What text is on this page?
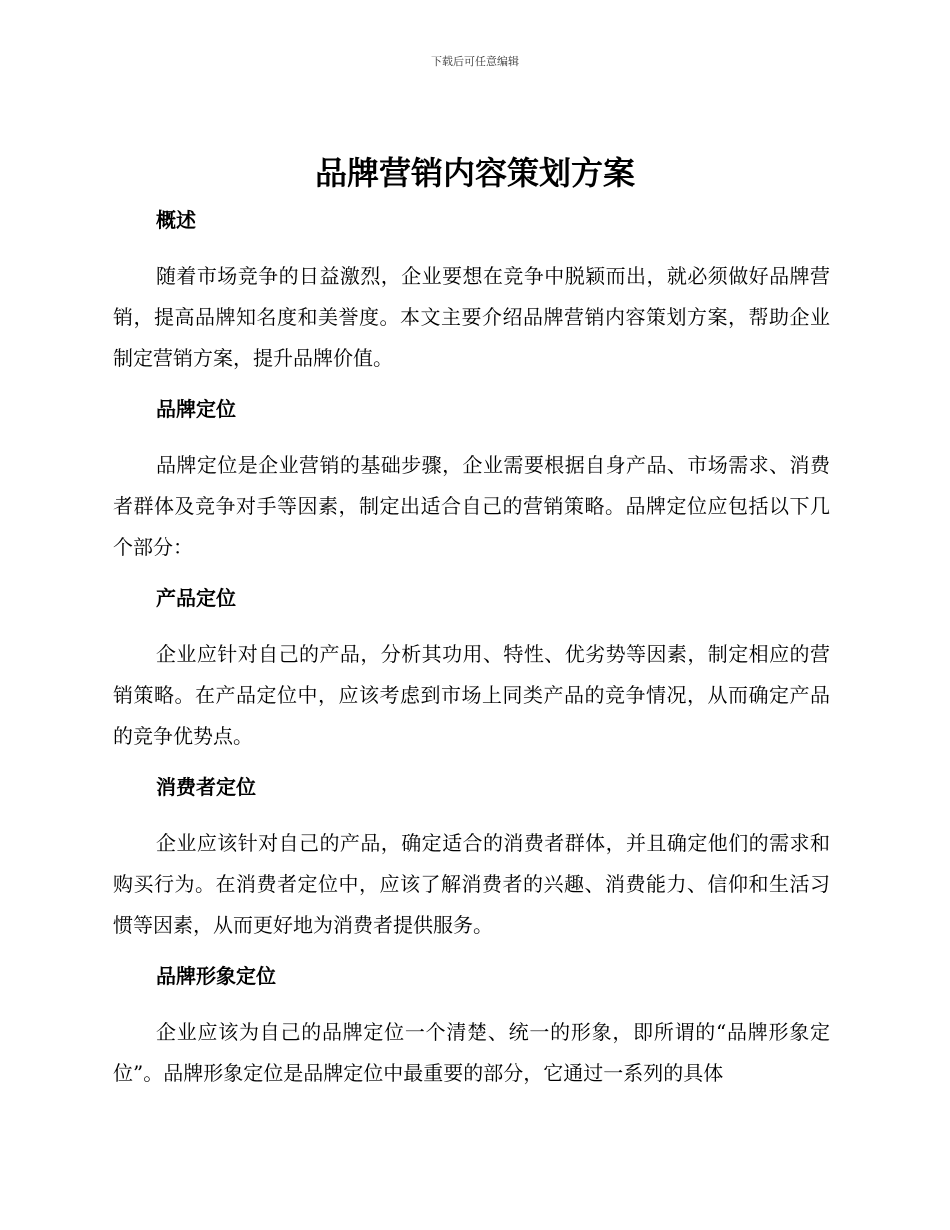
下载后可任意编辑
品牌营销内容策划方案
概述

随着市场竞争的日益激烈，企业要想在竞争中脱颖而出，就必须做好品牌营销，提高品牌知名度和美誉度。本文主要介绍品牌营销内容策划方案，帮助企业制定营销方案，提升品牌价值。

品牌定位

品牌定位是企业营销的基础步骤，企业需要根据自身产品、市场需求、消费者群体及竞争对手等因素，制定出适合自己的营销策略。品牌定位应包括以下几个部分：

产品定位

企业应针对自己的产品，分析其功用、特性、优劣势等因素，制定相应的营销策略。在产品定位中，应该考虑到市场上同类产品的竞争情况，从而确定产品的竞争优势点。

消费者定位

企业应该针对自己的产品，确定适合的消费者群体，并且确定他们的需求和购买行为。在消费者定位中，应该了解消费者的兴趣、消费能力、信仰和生活习惯等因素，从而更好地为消费者提供服务。

品牌形象定位

企业应该为自己的品牌定位一个清楚、统一的形象，即所谓的“品牌形象定位”。品牌形象定位是品牌定位中最重要的部分，它通过一系列的具体
